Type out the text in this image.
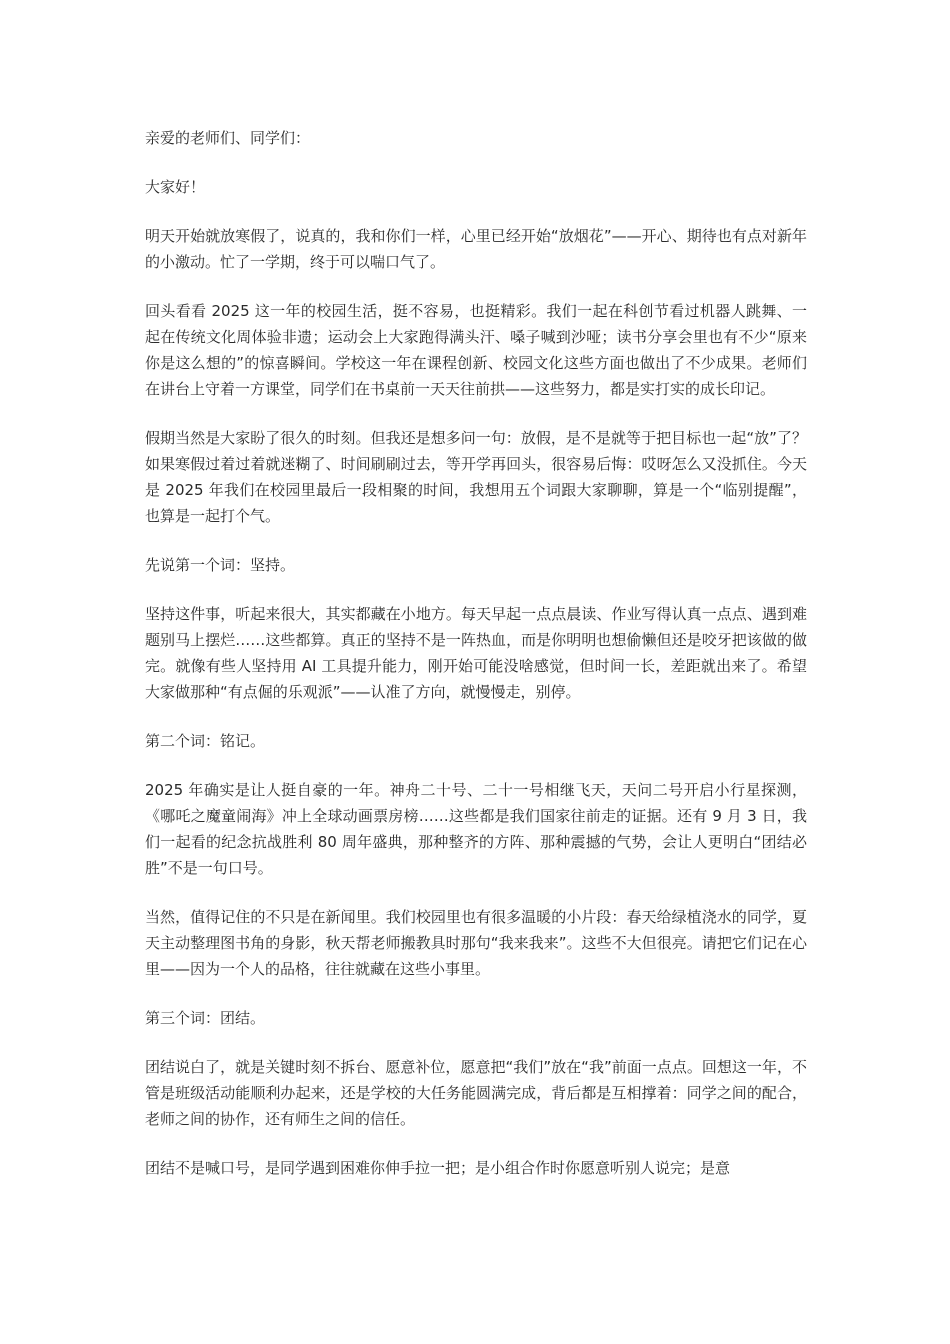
亲爱的老师们、同学们：

大家好！

明天开始就放寒假了，说真的，我和你们一样，心里已经开始“放烟花”——开心、期待也有点对新年的小激动。忙了一学期，终于可以喘口气了。

回头看看 2025 这一年的校园生活，挺不容易，也挺精彩。我们一起在科创节看过机器人跳舞、一起在传统文化周体验非遗；运动会上大家跑得满头汗、嗓子喊到沙哑；读书分享会里也有不少“原来你是这么想的”的惊喜瞬间。学校这一年在课程创新、校园文化这些方面也做出了不少成果。老师们在讲台上守着一方课堂，同学们在书桌前一天天往前拱——这些努力，都是实打实的成长印记。

假期当然是大家盼了很久的时刻。但我还是想多问一句：放假，是不是就等于把目标也一起“放”了？如果寒假过着过着就迷糊了、时间刷刷过去，等开学再回头，很容易后悔：哎呀怎么又没抓住。今天是 2025 年我们在校园里最后一段相聚的时间，我想用五个词跟大家聊聊，算是一个“临别提醒”，也算是一起打个气。

先说第一个词：坚持。

坚持这件事，听起来很大，其实都藏在小地方。每天早起一点点晨读、作业写得认真一点点、遇到难题别马上摆烂……这些都算。真正的坚持不是一阵热血，而是你明明也想偷懒但还是咬牙把该做的做完。就像有些人坚持用 AI 工具提升能力，刚开始可能没啥感觉，但时间一长，差距就出来了。希望大家做那种“有点倔的乐观派”——认准了方向，就慢慢走，别停。

第二个词：铭记。

2025 年确实是让人挺自豪的一年。神舟二十号、二十一号相继飞天，天问二号开启小行星探测，《哪吒之魔童闹海》冲上全球动画票房榜……这些都是我们国家往前走的证据。还有 9 月 3 日，我们一起看的纪念抗战胜利 80 周年盛典，那种整齐的方阵、那种震撼的气势，会让人更明白“团结必胜”不是一句口号。

当然，值得记住的不只是在新闻里。我们校园里也有很多温暖的小片段：春天给绿植浇水的同学，夏天主动整理图书角的身影，秋天帮老师搬教具时那句“我来我来”。这些不大但很亮。请把它们记在心里——因为一个人的品格，往往就藏在这些小事里。

第三个词：团结。

团结说白了，就是关键时刻不拆台、愿意补位，愿意把“我们”放在“我”前面一点点。回想这一年，不管是班级活动能顺利办起来，还是学校的大任务能圆满完成，背后都是互相撑着：同学之间的配合，老师之间的协作，还有师生之间的信任。

团结不是喊口号，是同学遇到困难你伸手拉一把；是小组合作时你愿意听别人说完；是意
